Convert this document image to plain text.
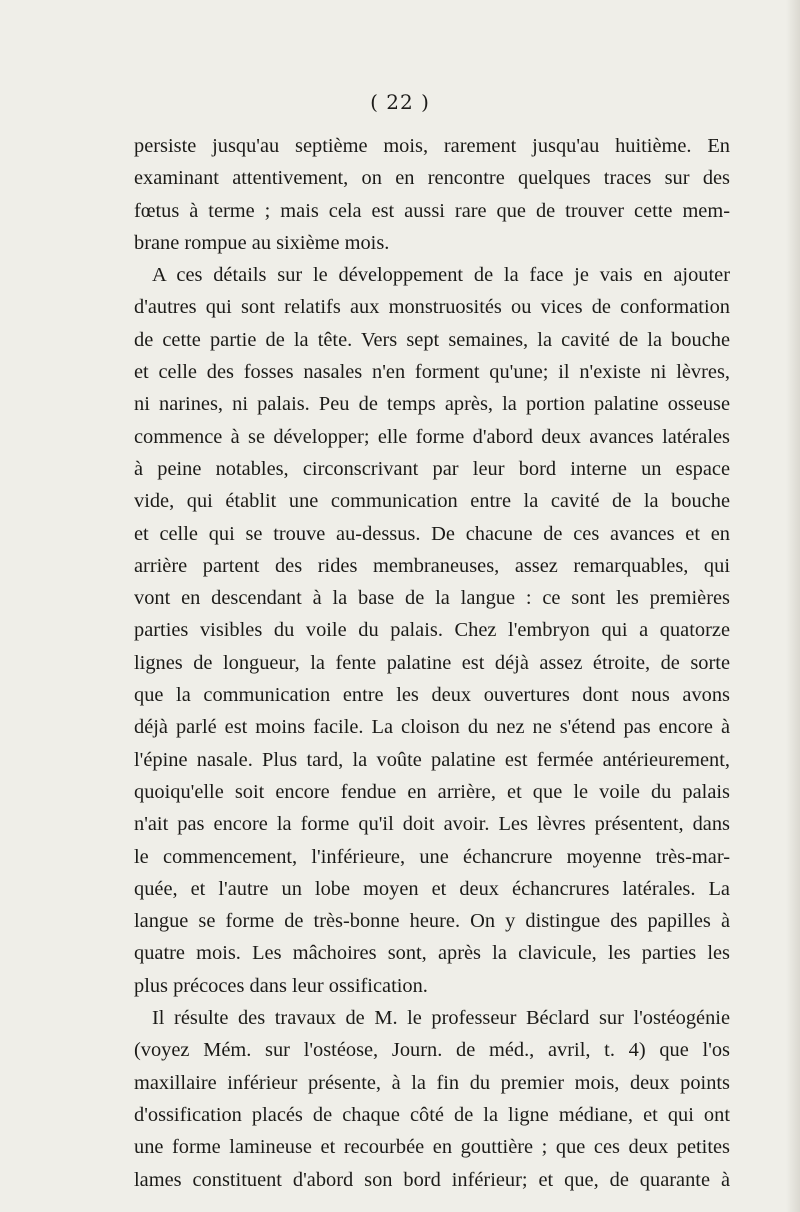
( 22 )
persiste jusqu'au septième mois, rarement jusqu'au huitième. En
examinant attentivement, on en rencontre quelques traces sur des
fœtus à terme ; mais cela est aussi rare que de trouver cette mem-
brane rompue au sixième mois.
A ces détails sur le développement de la face je vais en ajouter
d'autres qui sont relatifs aux monstruosités ou vices de conformation
de cette partie de la tête. Vers sept semaines, la cavité de la bouche
et celle des fosses nasales n'en forment qu'une; il n'existe ni lèvres,
ni narines, ni palais. Peu de temps après, la portion palatine osseuse
commence à se développer; elle forme d'abord deux avances latérales
à peine notables, circonscrivant par leur bord interne un espace
vide, qui établit une communication entre la cavité de la bouche
et celle qui se trouve au-dessus. De chacune de ces avances et en
arrière partent des rides membraneuses, assez remarquables, qui
vont en descendant à la base de la langue : ce sont les premières
parties visibles du voile du palais. Chez l'embryon qui a quatorze
lignes de longueur, la fente palatine est déjà assez étroite, de sorte
que la communication entre les deux ouvertures dont nous avons
déjà parlé est moins facile. La cloison du nez ne s'étend pas encore à
l'épine nasale. Plus tard, la voûte palatine est fermée antérieurement,
quoiqu'elle soit encore fendue en arrière, et que le voile du palais
n'ait pas encore la forme qu'il doit avoir. Les lèvres présentent, dans
le commencement, l'inférieure, une échancrure moyenne très-mar-
quée, et l'autre un lobe moyen et deux échancrures latérales. La
langue se forme de très-bonne heure. On y distingue des papilles à
quatre mois. Les mâchoires sont, après la clavicule, les parties les
plus précoces dans leur ossification.
Il résulte des travaux de M. le professeur Béclard sur l'ostéogénie
(voyez Mém. sur l'ostéose, Journ. de méd., avril, t. 4) que l'os
maxillaire inférieur présente, à la fin du premier mois, deux points
d'ossification placés de chaque côté de la ligne médiane, et qui ont
une forme lamineuse et recourbée en gouttière ; que ces deux petites
lames constituent d'abord son bord inférieur; et que, de quarante à
